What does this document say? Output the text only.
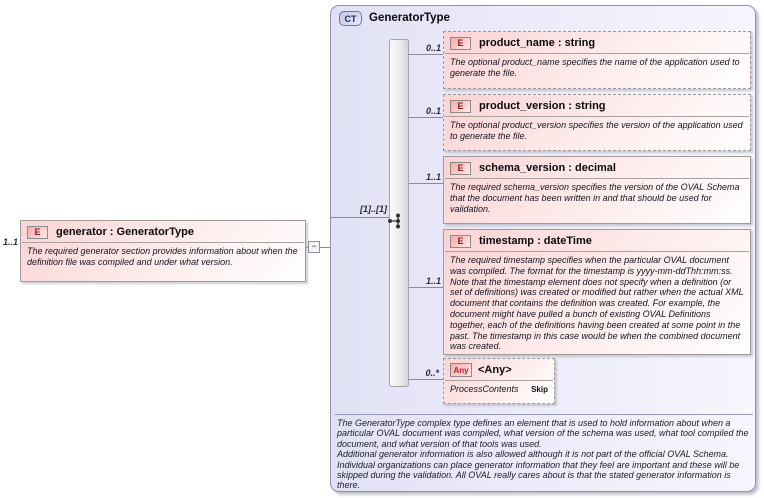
1..1
E	generator : GeneratorType
The required generator section provides information about when the definition file was compiled and under what version.
−
CT	GeneratorType
[1]..[1]
0..1
0..1
1..1
1..1
0..*
E	product_name : string
The optional product_name specifies the name of the application used to generate the file.
E	product_version : string
The optional product_version specifies the version of the application used to generate the file.
E	schema_version : decimal
The required schema_version specifies the version of the OVAL Schema that the document has been written in and that should be used for validation.
E	timestamp : dateTime
The required timestamp specifies when the particular OVAL document was compiled. The format for the timestamp is yyyy-mm-ddThh:mm:ss. Note that the timestamp element does not specify when a definition (or set of definitions) was created or modified but rather when the actual XML document that contains the definition was created. For example, the document might have pulled a bunch of existing OVAL Definitions together, each of the definitions having been created at some point in the past. The timestamp in this case would be when the combined document was created.
Any <Any>
ProcessContents Skip

The GeneratorType complex type defines an element that is used to hold information about when a particular OVAL document was compiled, what version of the schema was used, what tool compiled the document, and what version of that tools was used.

Additional generator information is also allowed although it is not part of the official OVAL Schema. Individual organizations can place generator information that they feel are important and these will be skipped during the validation. All OVAL really cares about is that the stated generator information is there.
